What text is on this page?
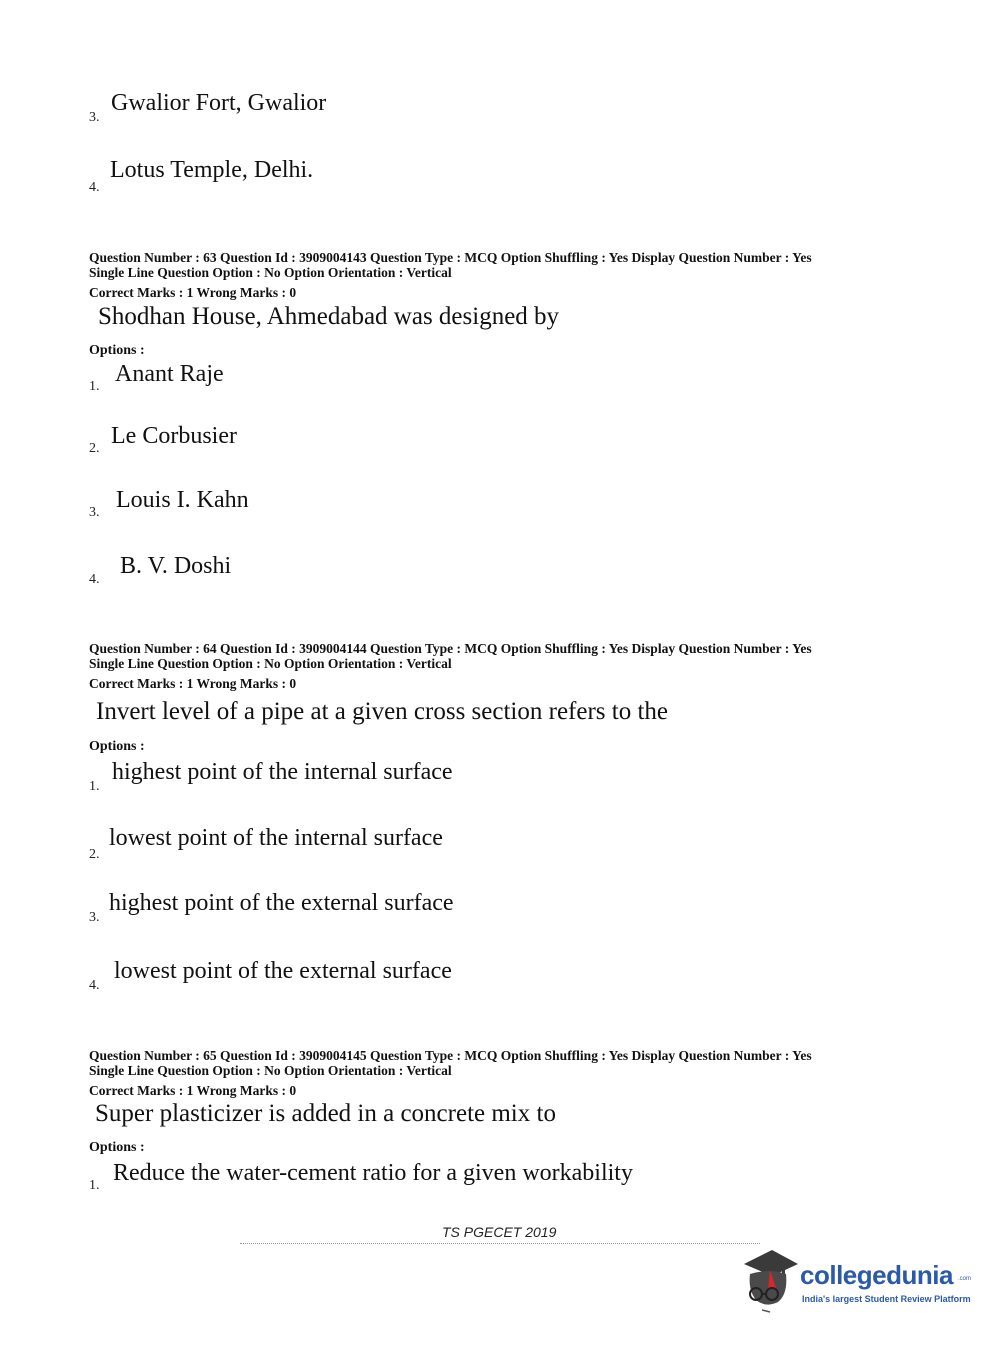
3.
Gwalior Fort, Gwalior
4.
Lotus Temple, Delhi.
Question Number : 63 Question Id : 3909004143 Question Type : MCQ Option Shuffling : Yes Display Question Number : Yes
Single Line Question Option : No Option Orientation : Vertical
Correct Marks : 1 Wrong Marks : 0
Shodhan House, Ahmedabad was designed by
Options :
1. Anant Raje
2. Le Corbusier
3. Louis I. Kahn
4.
B. V. Doshi
Question Number : 64 Question Id : 3909004144 Question Type : MCQ Option Shuffling : Yes Display Question Number : Yes
Single Line Question Option : No Option Orientation : Vertical
Correct Marks : 1 Wrong Marks : 0
Invert level of a pipe at a given cross section refers to the
Options :
1.
highest point of the internal surface
2.
lowest point of the internal surface
3.
highest point of the external surface
4.
lowest point of the external surface
Question Number : 65 Question Id : 3909004145 Question Type : MCQ Option Shuffling : Yes Display Question Number : Yes
Single Line Question Option : No Option Orientation : Vertical
Correct Marks : 1 Wrong Marks : 0
Super plasticizer is added in a concrete mix to
Options :
1. Reduce the water-cement ratio for a given workability
TS PGECET 2019
collegedunia .com
India's largest Student Review Platform
